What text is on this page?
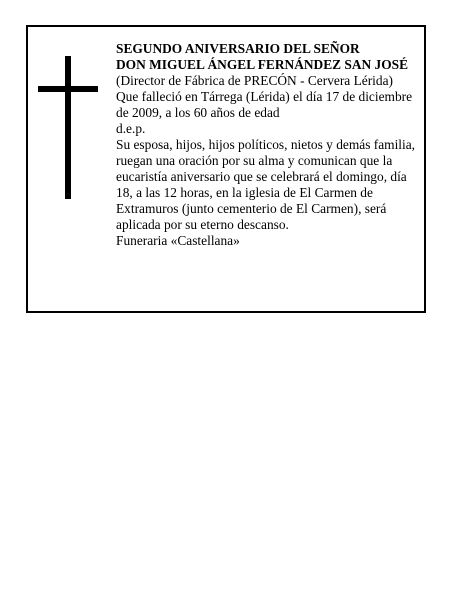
SEGUNDO ANIVERSARIO DEL SEÑOR

DON MIGUEL ÁNGEL FERNÁNDEZ SAN JOSÉ

(Director de Fábrica de PRECÓN - Cervera Lérida)

Que falleció en Tárrega (Lérida) el día 17 de diciembre de 2009, a los 60 años de edad

d.e.p.

Su esposa, hijos, hijos políticos, nietos y demás familia, ruegan una oración por su alma y comunican que la eucaristía aniversario que se celebrará el domingo, día 18, a las 12 horas, en la iglesia de El Carmen de Extramuros (junto cementerio de El Carmen), será aplicada por su eterno descanso.

Funeraria «Castellana»
